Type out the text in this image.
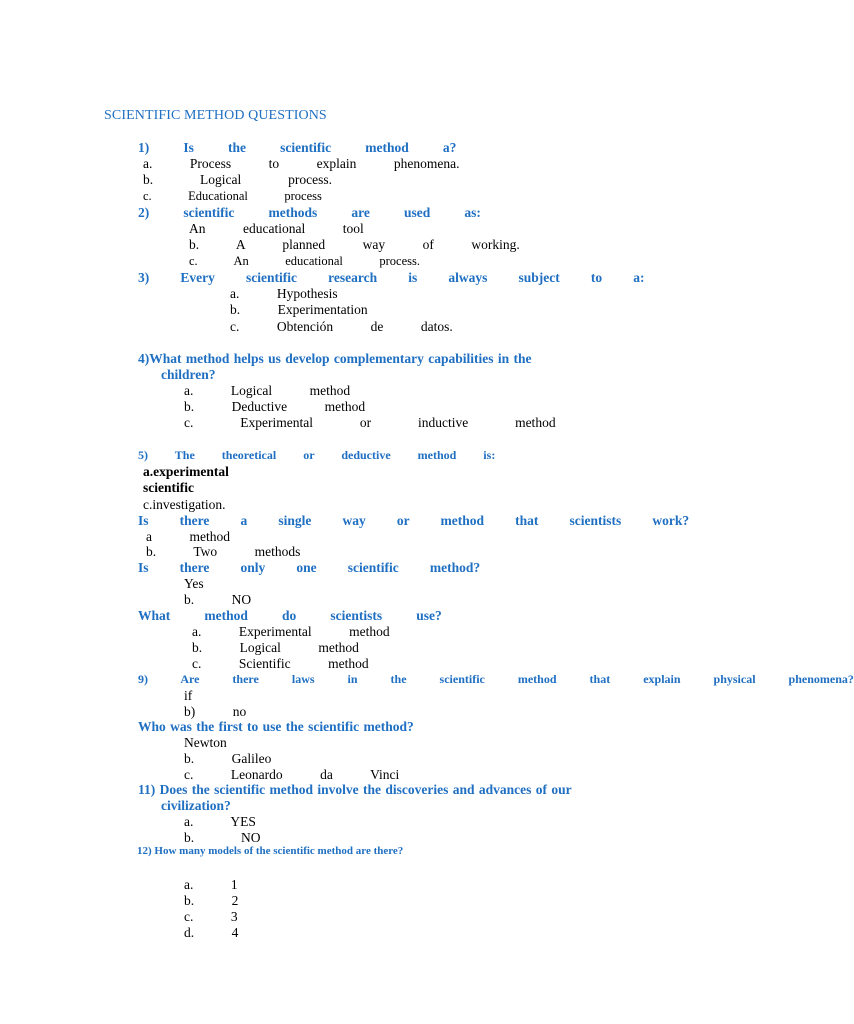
SCIENTIFIC METHOD QUESTIONS
1)   Is   the   scientific   method   a?
a.    Process    to    explain    phenomena.
b.     Logical     process.
c.    Educational    process
2)   scientific   methods   are   used   as:
An    educational    tool
b.    A    planned    way    of    working.
c.    An    educational    process.
3)   Every   scientific   research   is   always   subject   to   a:
a.    Hypothesis
b.    Experimentation
c.    Obtención    de    datos.
4)What method helps us develop complementary capabilities in the
children?
a.    Logical    method
b.    Deductive    method
c.     Experimental     or     inductive     method
5)   The   theoretical   or   deductive   method   is:
a.experimental
scientific
c.investigation.
Is   there   a   single   way   or   method   that   scientists   work?
a    method
b.    Two    methods
Is   there   only   one   scientific   method?
Yes
b.    NO
What   method   do   scientists   use?
a.    Experimental    method
b.    Logical    method
c.    Scientific    method
9)   Are   there   laws   in   the   scientific   method   that   explain   physical   phenomena?
if
b)    no
Who was the first to use the scientific method?
Newton
b.    Galileo
c.    Leonardo    da    Vinci
11) Does the scientific method involve the discoveries and advances of our
civilization?
a.    YES
b.     NO
12) How many models of the scientific method are there?
a.    1
b.    2
c.    3
d.    4
